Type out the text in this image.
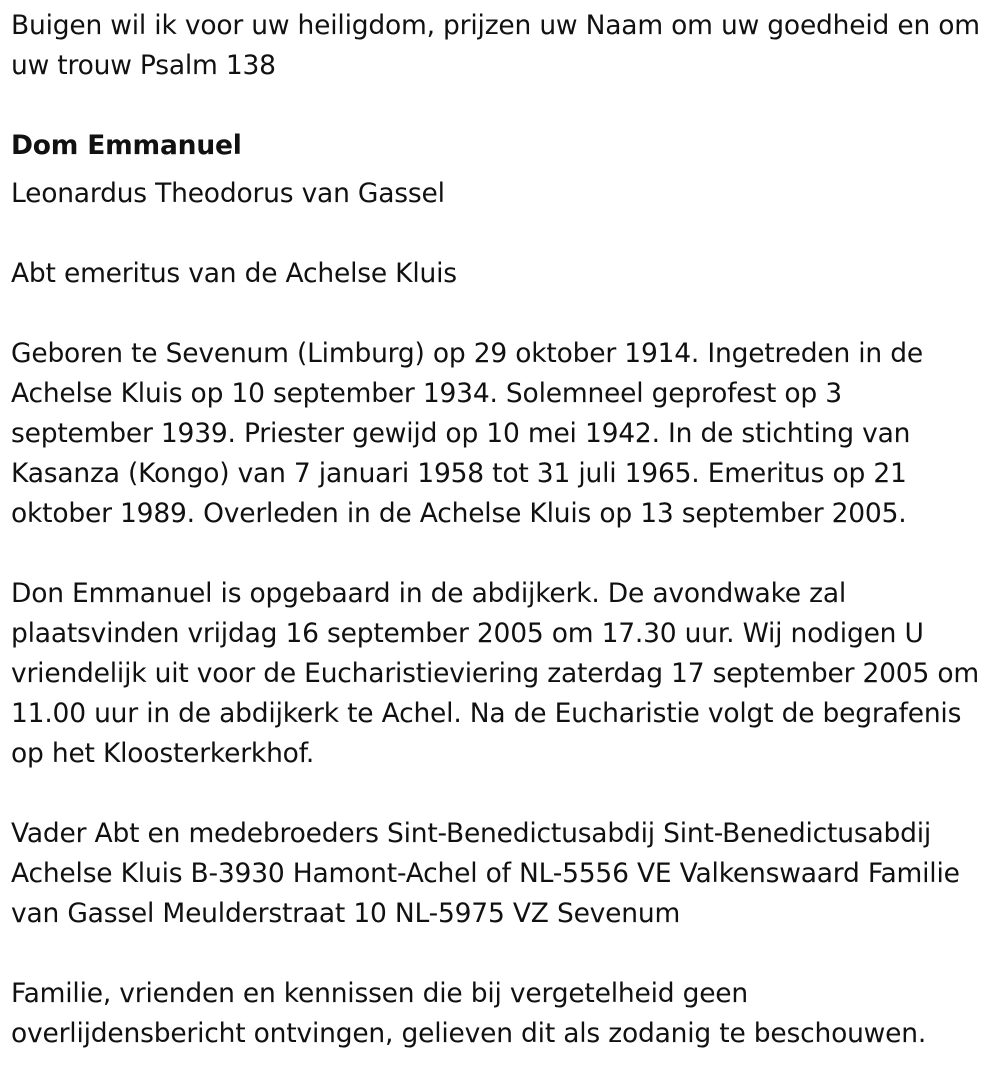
Buigen wil ik voor uw heiligdom, prijzen uw Naam om uw goedheid en om uw trouw Psalm 138

Dom Emmanuel

Leonardus Theodorus van Gassel

Abt emeritus van de Achelse Kluis

Geboren te Sevenum (Limburg) op 29 oktober 1914. Ingetreden in de Achelse Kluis op 10 september 1934. Solemneel geprofest op 3 september 1939. Priester gewijd op 10 mei 1942. In de stichting van Kasanza (Kongo) van 7 januari 1958 tot 31 juli 1965. Emeritus op 21 oktober 1989. Overleden in de Achelse Kluis op 13 september 2005.

Don Emmanuel is opgebaard in de abdijkerk. De avondwake zal plaatsvinden vrijdag 16 september 2005 om 17.30 uur. Wij nodigen U vriendelijk uit voor de Eucharistieviering zaterdag 17 september 2005 om 11.00 uur in de abdijkerk te Achel. Na de Eucharistie volgt de begrafenis op het Kloosterkerkhof.

Vader Abt en medebroeders Sint-Benedictusabdij Sint-Benedictusabdij Achelse Kluis B-3930 Hamont-Achel of NL-5556 VE Valkenswaard Familie van Gassel Meulderstraat 10 NL-5975 VZ Sevenum

Familie, vrienden en kennissen die bij vergetelheid geen overlijdensbericht ontvingen, gelieven dit als zodanig te beschouwen.
